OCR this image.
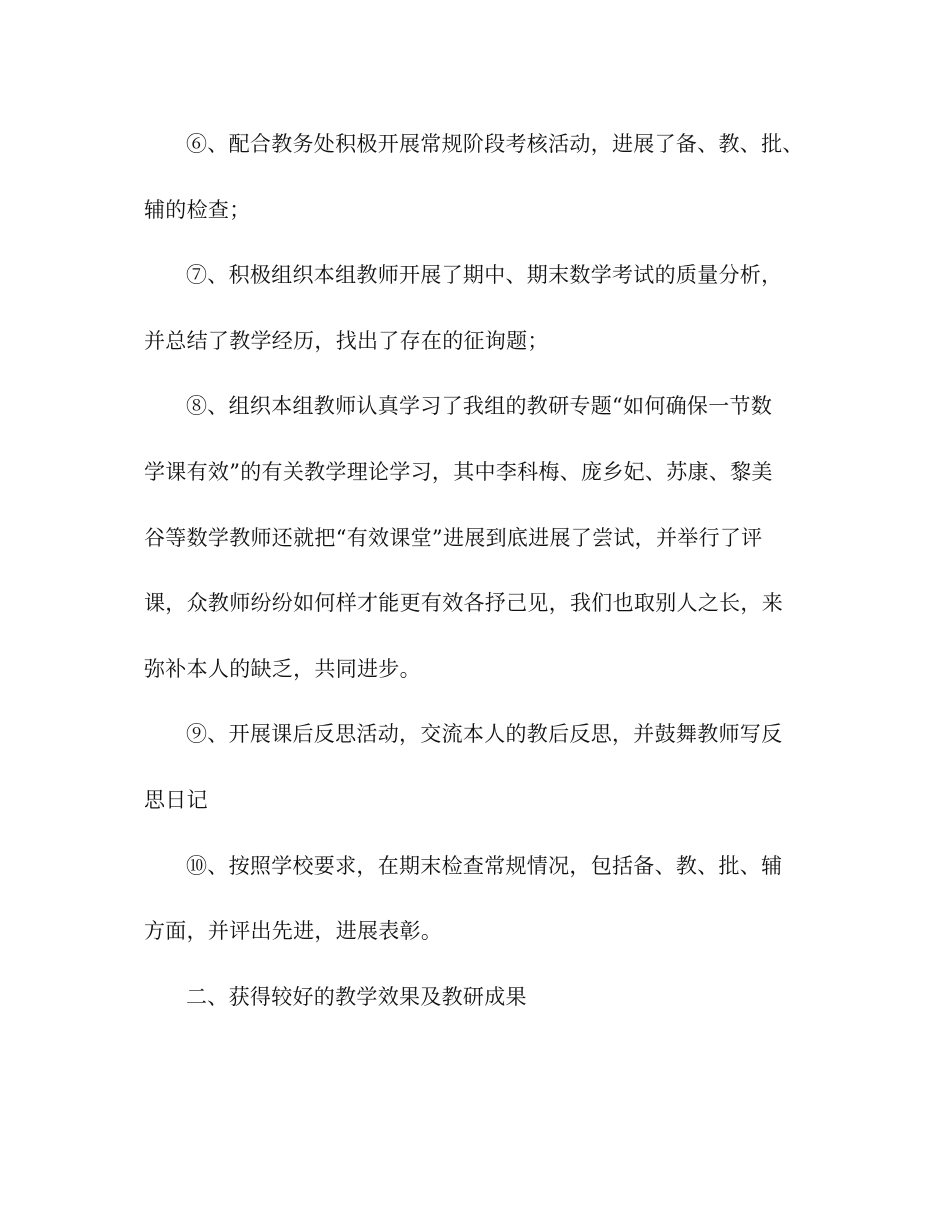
⑥、配合教务处积极开展常规阶段考核活动，进展了备、教、批、
辅的检查；
⑦、积极组织本组教师开展了期中、期末数学考试的质量分析，
并总结了教学经历，找出了存在的征询题；
⑧、组织本组教师认真学习了我组的教研专题“如何确保一节数
学课有效”的有关教学理论学习，其中李科梅、庞乡妃、苏康、黎美
谷等数学教师还就把“有效课堂”进展到底进展了尝试，并举行了评
课，众教师纷纷如何样才能更有效各抒己见，我们也取别人之长，来
弥补本人的缺乏，共同进步。
⑨、开展课后反思活动，交流本人的教后反思，并鼓舞教师写反
思日记
⑩、按照学校要求，在期末检查常规情况，包括备、教、批、辅
方面，并评出先进，进展表彰。
二、获得较好的教学效果及教研成果
